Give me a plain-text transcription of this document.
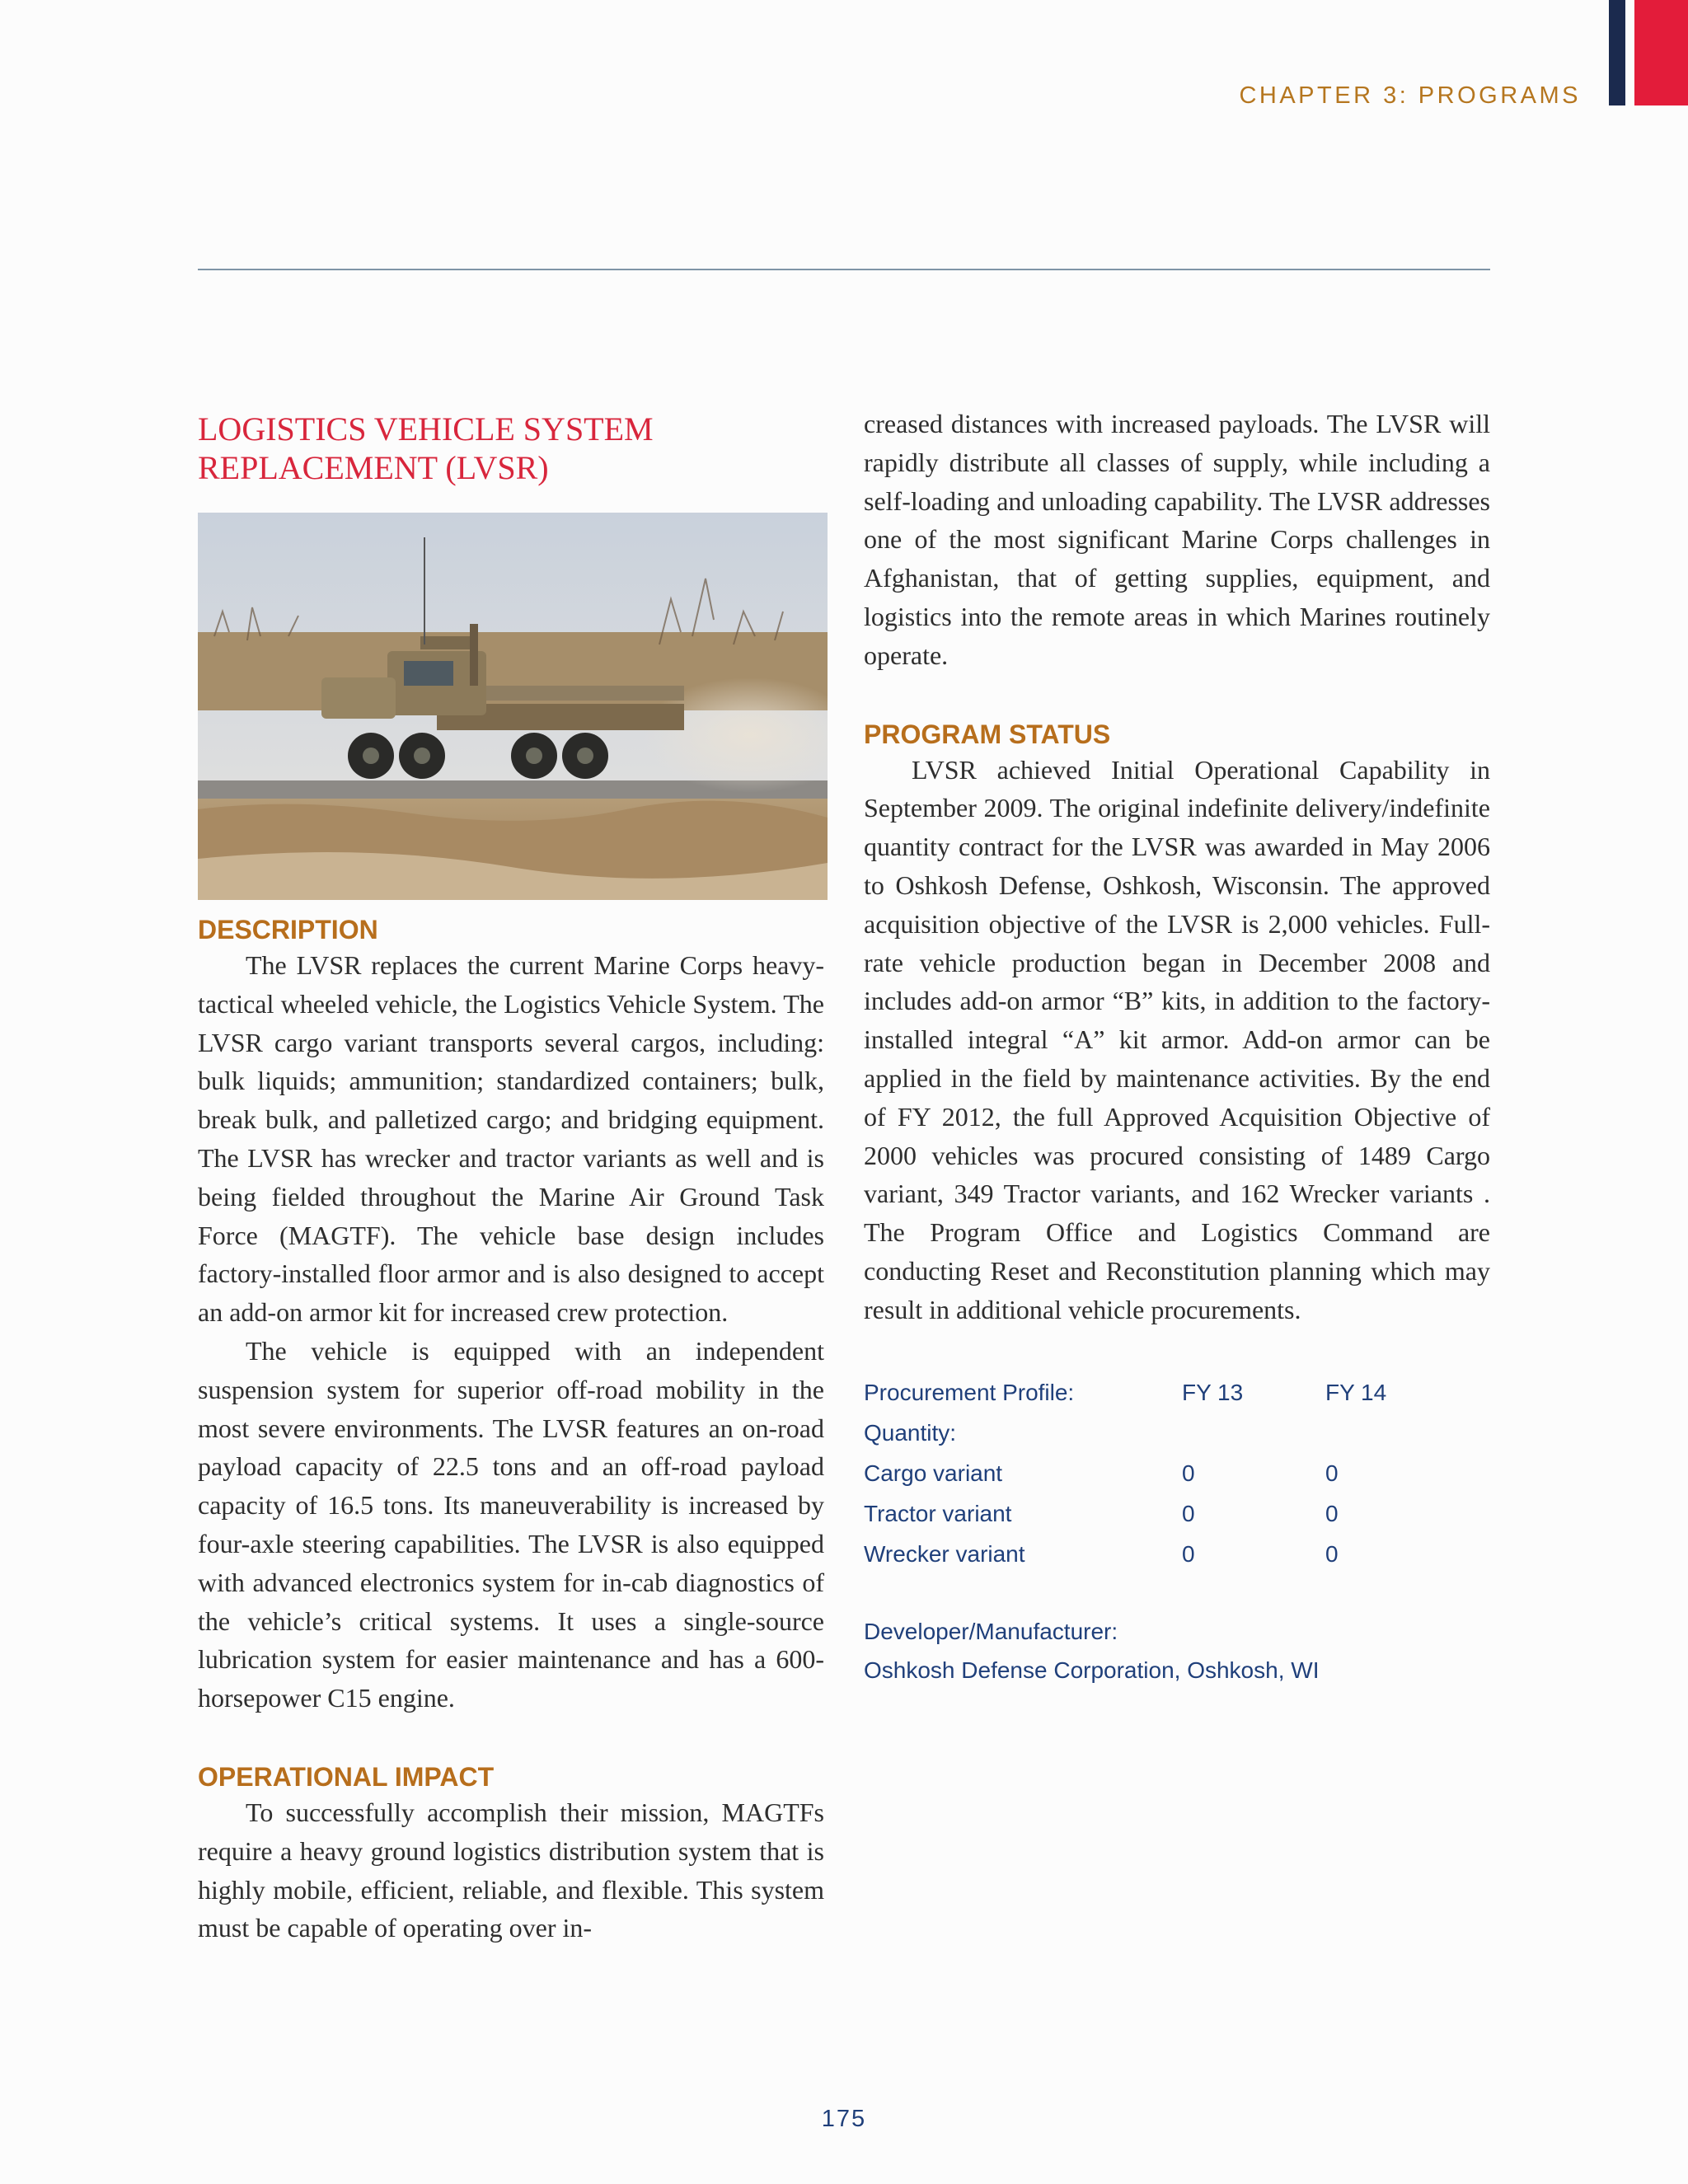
CHAPTER 3: PROGRAMS
LOGISTICS VEHICLE SYSTEM
REPLACEMENT (LVSR)
DESCRIPTION

The LVSR replaces the current Marine Corps heavy-tactical wheeled vehicle, the Logistics Vehicle System. The LVSR cargo variant transports several cargos, including: bulk liquids; ammunition; standardized containers; bulk, break bulk, and palletized cargo; and bridging equipment. The LVSR has wrecker and tractor variants as well and is being fielded throughout the Marine Air Ground Task Force (MAGTF). The vehicle base design includes factory-installed floor armor and is also designed to accept an add-on armor kit for increased crew protection.

The vehicle is equipped with an independent suspension system for superior off-road mobility in the most severe environments. The LVSR features an on-road payload capacity of 22.5 tons and an off-road payload capacity of 16.5 tons. Its maneuverability is increased by four-axle steering capabilities. The LVSR is also equipped with advanced electronics system for in-cab diagnostics of the vehicle’s critical systems. It uses a single-source lubrication system for easier maintenance and has a 600-horsepower C15 engine.

OPERATIONAL IMPACT

To successfully accomplish their mission, MAGTFs require a heavy ground logistics distribution system that is highly mobile, efficient, reliable, and flexible. This system must be capable of operating over in-

creased distances with increased payloads. The LVSR will rapidly distribute all classes of supply, while including a self-loading and unloading capability. The LVSR addresses one of the most significant Marine Corps challenges in Afghanistan, that of getting supplies, equipment, and logistics into the remote areas in which Marines routinely operate.

PROGRAM STATUS

LVSR achieved Initial Operational Capability in September 2009. The original indefinite delivery/indefinite quantity contract for the LVSR was awarded in May 2006 to Oshkosh Defense, Oshkosh, Wisconsin. The approved acquisition objective of the LVSR is 2,000 vehicles. Full-rate vehicle production began in December 2008 and includes add-on armor “B” kits, in addition to the factory-installed integral “A” kit armor. Add-on armor can be applied in the field by maintenance activities. By the end of FY 2012, the full Approved Acquisition Objective of 2000 vehicles was procured consisting of 1489 Cargo variant, 349 Tractor variants, and 162 Wrecker variants . The Program Office and Logistics Command are conducting Reset and Reconstitution planning which may result in additional vehicle procurements.

Procurement Profile:	FY 13	FY 14
Quantity:
Cargo variant	0	0
Tractor variant	0	0
Wrecker variant	0	0
Developer/Manufacturer:
Oshkosh Defense Corporation, Oshkosh, WI
175
